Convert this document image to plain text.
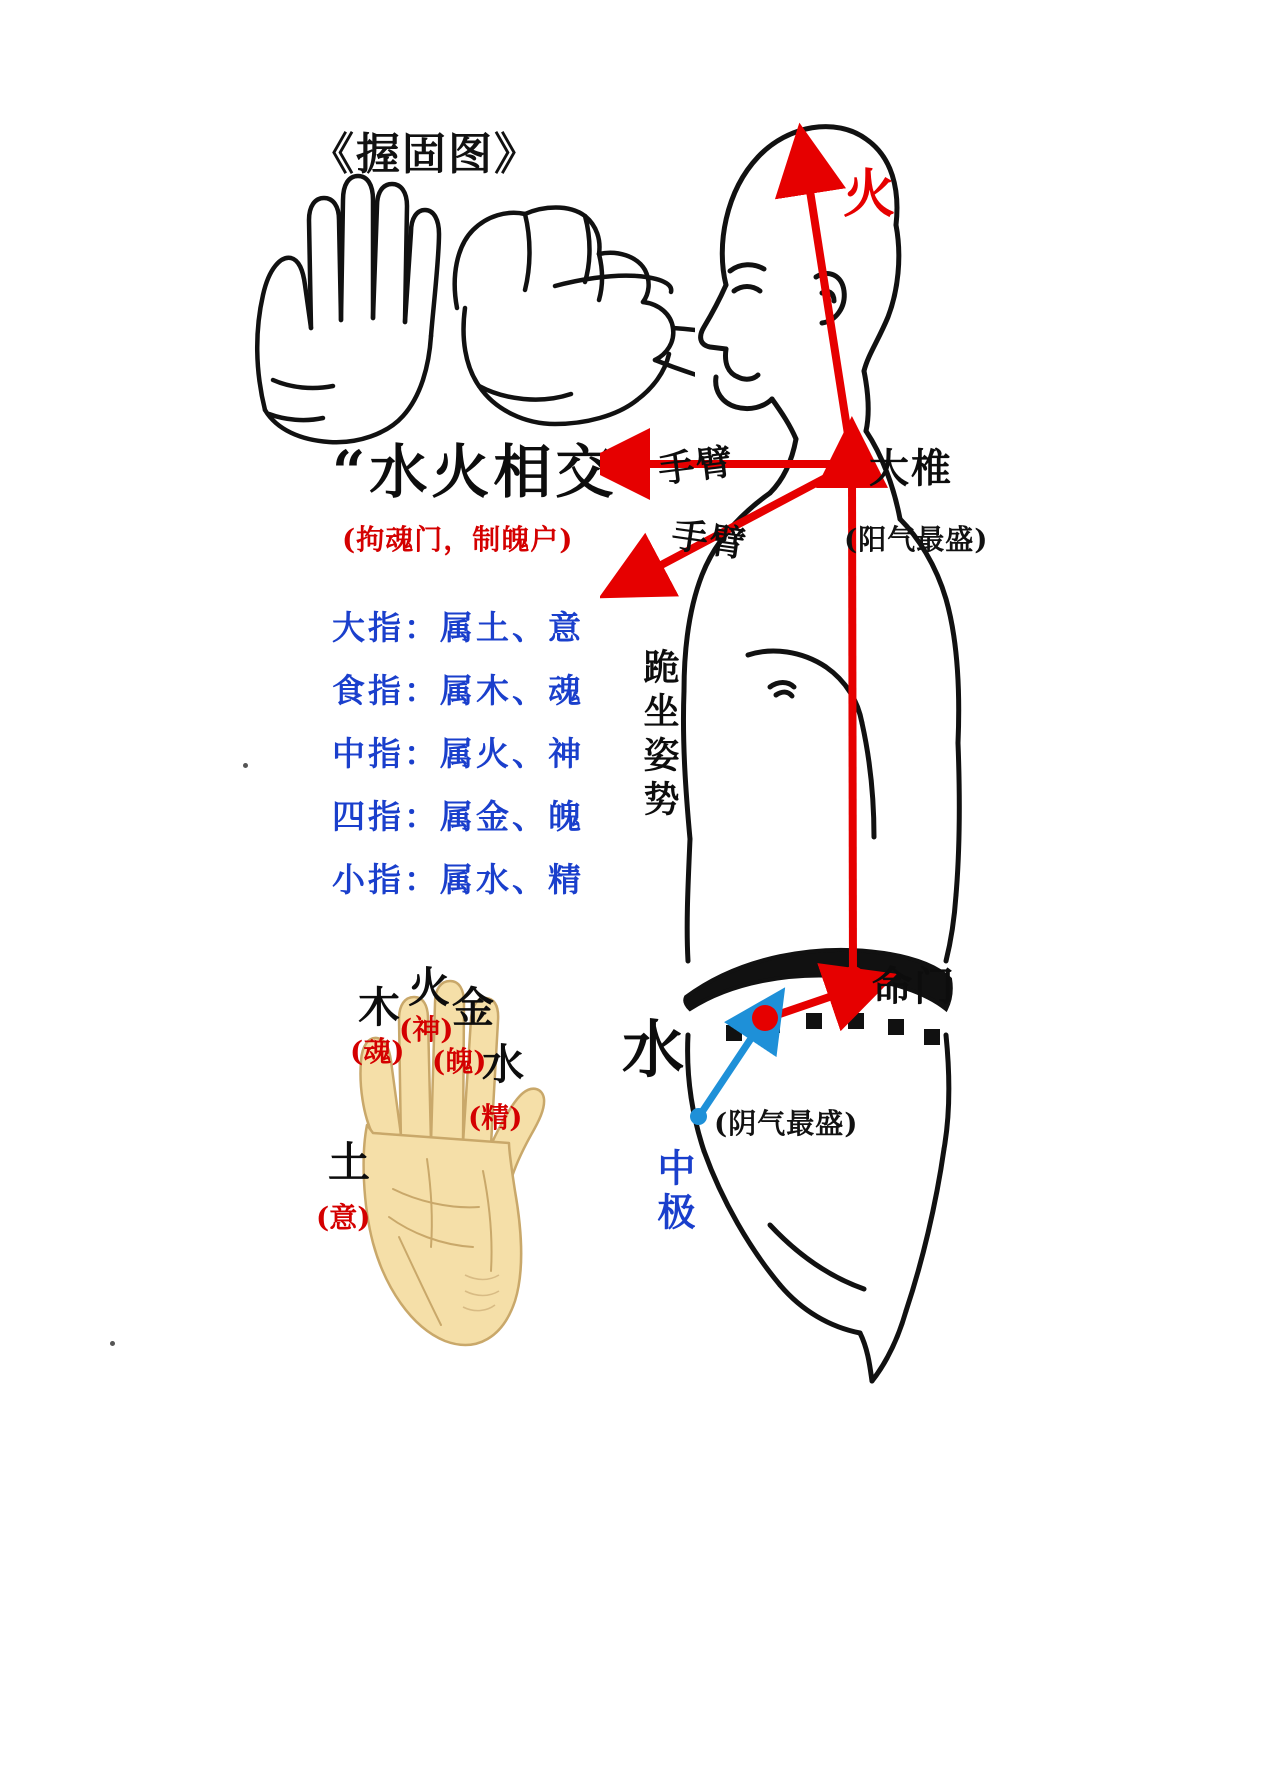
《握固图》
“水火相交”
(拘魂门，制魄户)
大指：属土、意
食指：属木、魂
中指：属火、神
四指：属金、魄
小指：属水、精
木
(魂)
火
(神)
金
(魄)
水
(精)
土
(意)
火
大椎
(阳气最盛)
手臂
手臂
跪坐姿势
命门
水
(阴气最盛)
中极
